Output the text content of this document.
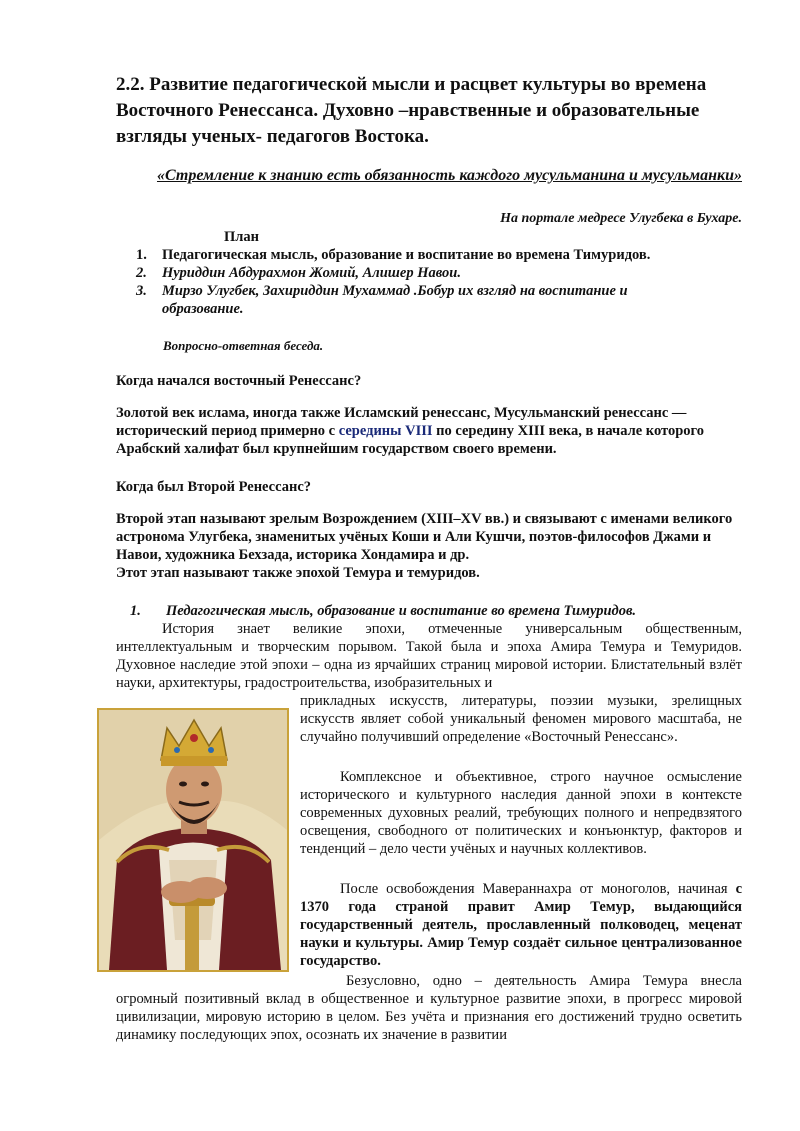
2.2. Развитие педагогической мысли и расцвет культуры во времена Восточного Ренессанса. Духовно –нравственные и образовательные взгляды ученых- педагогов Востока.
«Стремление к знанию есть обязанность каждого мусульманина и мусульманки»
На портале медресе Улугбека в Бухаре.
План
1. Педагогическая мысль, образование и воспитание во времена Тимуридов.
2. Нуриддин Абдурахмон Жомий, Алишер Навои.
3. Мирзо Улугбек, Захириддин Мухаммад .Бобур их взгляд на воспитание и образование.
Вопросно-ответная беседа.
Когда начался восточный Ренессанс?
Золотой век ислама, иногда также Исламский ренессанс, Мусульманский ренессанс — исторический период примерно с середины VIII по середину XIII века, в начале которого Арабский халифат был крупнейшим государством своего времени.
Когда был Второй Ренессанс?
Второй этап называют зрелым Возрождением (XIII–XV вв.) и связывают с именами великого астронома Улугбека, знаменитых учёных Коши и Али Кушчи, поэтов-философов Джами и Навои, художника Бехзада, историка Хондамира и др.
Этот этап называют также эпохой Темура и темуридов.
1. Педагогическая мысль, образование и воспитание во времена Тимуридов.
История знает великие эпохи, отмеченные универсальным общественным, интеллектуальным и творческим порывом. Такой была и эпоха Амира Темура и Темуридов. Духовное наследие этой эпохи – одна из ярчайших страниц мировой истории. Блистательный взлёт науки, архитектуры, градостроительства, изобразительных и
прикладных искусств, литературы, поэзии музыки, зрелищных искусств являет собой уникальный феномен мирового масштаба, не случайно получивший определение «Восточный Ренессанс».
Комплексное и объективное, строго научное осмысление исторического и культурного наследия данной эпохи в контексте современных духовных реалий, требующих полного и непредвзятого освещения, свободного от политических и конъюнктур, факторов и тенденций – дело чести учёных и научных коллективов.
После освобождения Мавераннахра от моноголов, начиная с 1370 года страной правит Амир Темур, выдающийся государственный деятель, прославленный полководец, меценат науки и культуры. Амир Темур создаёт сильное централизованное государство.
Безусловно, одно – деятельность Амира Темура внесла огромный позитивный вклад в общественное и культурное развитие эпохи, в прогресс мировой цивилизации, мировую историю в целом. Без учёта и признания его достижений трудно осветить динамику последующих эпох, осознать их значение в развитии
